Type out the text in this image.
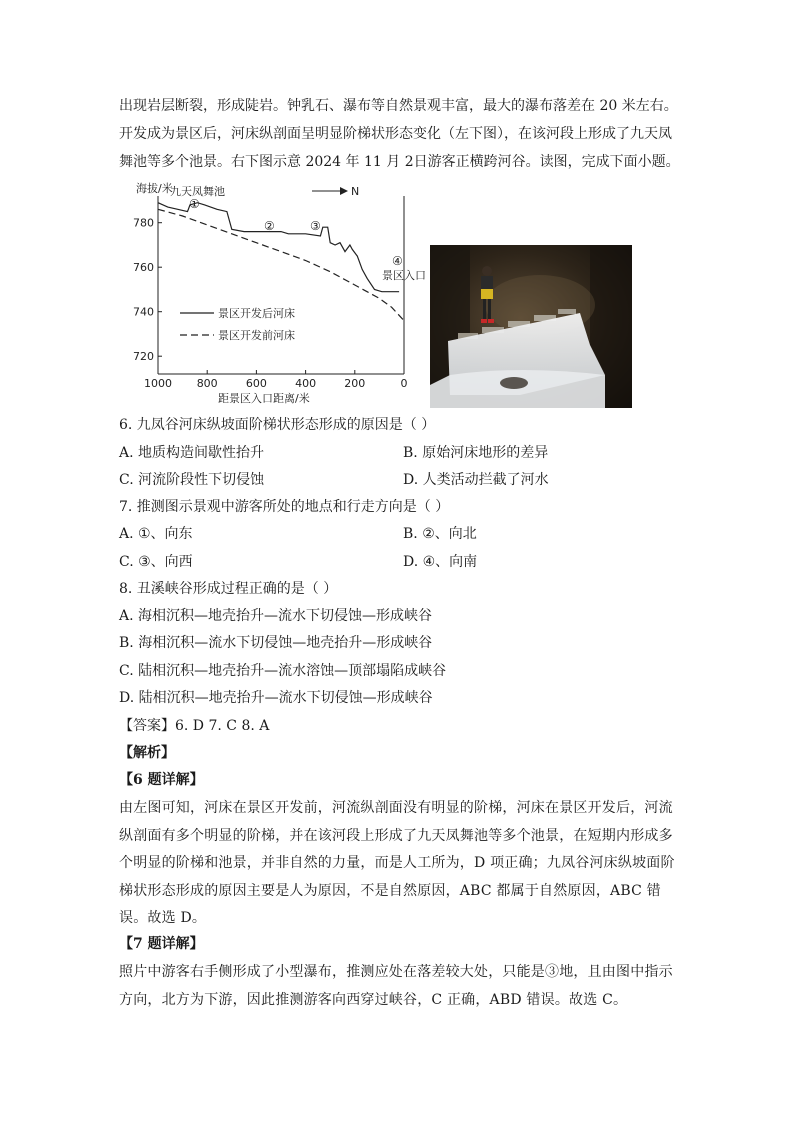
出现岩层断裂，形成陡岩。钟乳石、瀑布等自然景观丰富，最大的瀑布落差在 20 米左右。
开发成为景区后，河床纵剖面呈明显阶梯状形态变化（左下图），在该河段上形成了九天凤
舞池等多个池景。右下图示意 2024 年 11 月 2日游客正横跨河谷。读图，完成下面小题。
海拔/米
780
760
740
720
1000 800	600	400	200	0
距景区入口距离/米
N
九天凤舞池
①
②	③
④
景区入口
景区开发后河床
景区开发前河床
6. 九凤谷河床纵坡面阶梯状形态形成的原因是（ ）
A. 地质构造间歇性抬升	B. 原始河床地形的差异
C. 河流阶段性下切侵蚀	D. 人类活动拦截了河水
7. 推测图示景观中游客所处的地点和行走方向是（ ）
A. ①、向东	B. ②、向北
C. ③、向西	D. ④、向南
8. 丑溪峡谷形成过程正确的是（ ）
A. 海相沉积—地壳抬升—流水下切侵蚀—形成峡谷
B. 海相沉积—流水下切侵蚀—地壳抬升—形成峡谷
C. 陆相沉积—地壳抬升—流水溶蚀—顶部塌陷成峡谷
D. 陆相沉积—地壳抬升—流水下切侵蚀—形成峡谷
【答案】6. D 7. C 8. A
【解析】
【6 题详解】
由左图可知，河床在景区开发前，河流纵剖面没有明显的阶梯，河床在景区开发后，河流纵剖面有多个明显的阶梯，并在该河段上形成了九天凤舞池等多个池景，在短期内形成多个明显的阶梯和池景，并非自然的力量，而是人工所为，D 项正确；九凤谷河床纵坡面阶梯状形态形成的原因主要是人为原因，不是自然原因，ABC 都属于自然原因，ABC 错误。故选 D。
【7 题详解】
照片中游客右手侧形成了小型瀑布，推测应处在落差较大处，只能是③地，且由图中指示方向，北方为下游，因此推测游客向西穿过峡谷，C 正确，ABD 错误。故选 C。
